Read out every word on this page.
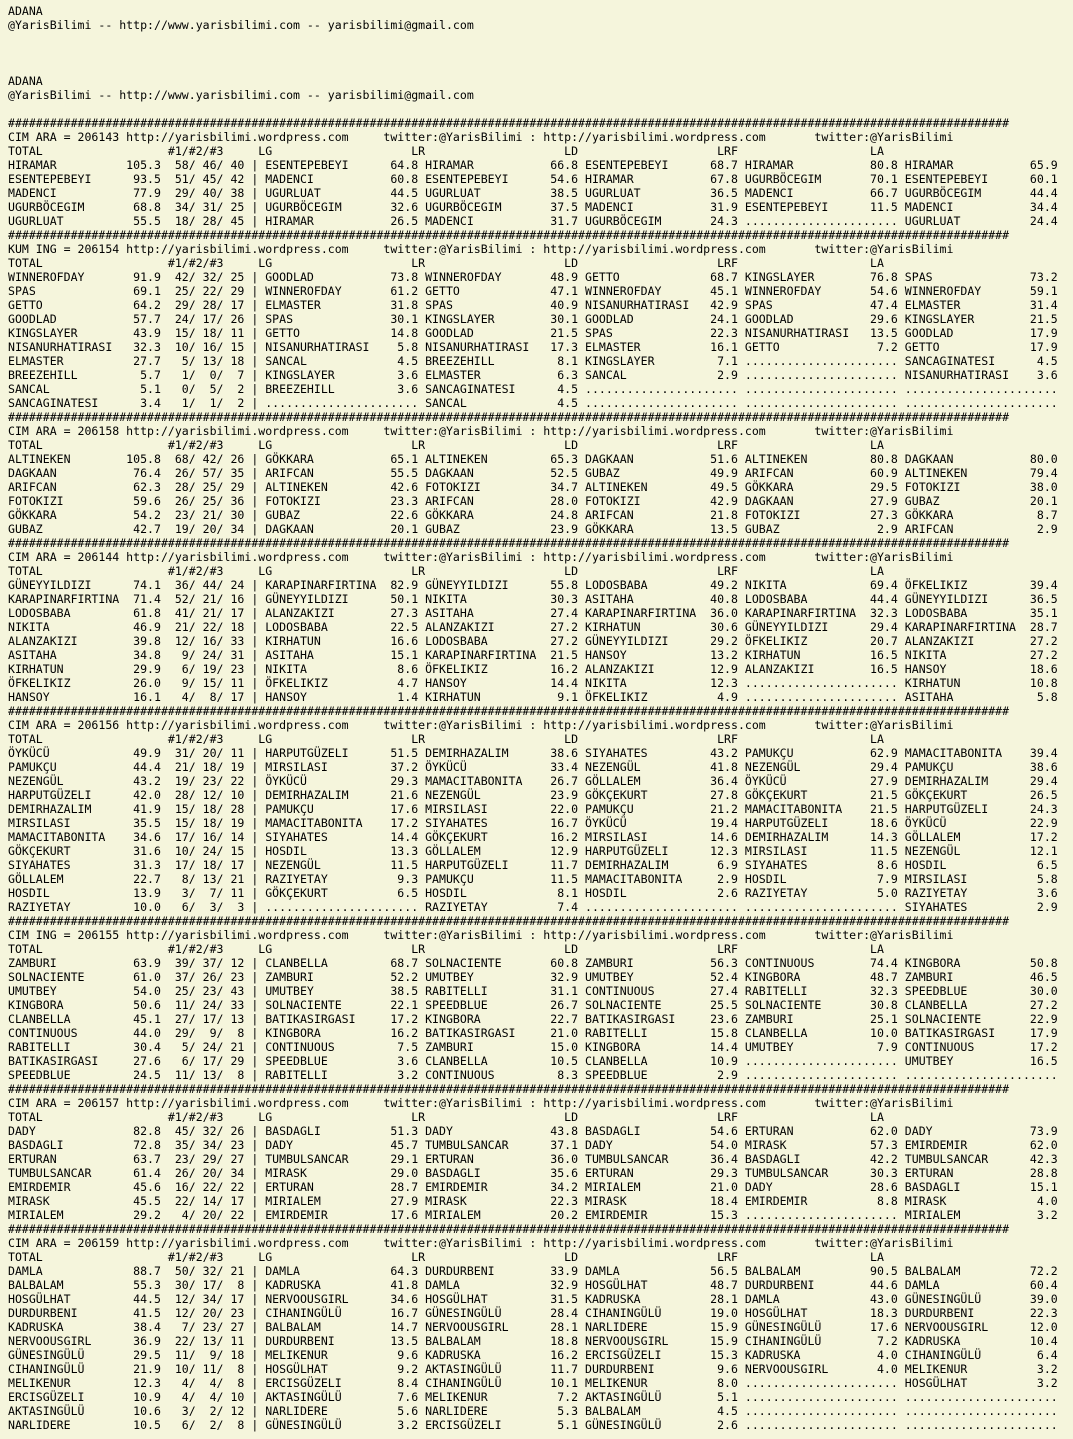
ADANA
@YarisBilimi -- http://www.yarisbilimi.com -- yarisbilimi@gmail.com
ADANA
@YarisBilimi -- http://www.yarisbilimi.com -- yarisbilimi@gmail.com
################################################################################################################################################
CIM ARA = 206143 http://yarisbilimi.wordpress.com     twitter:@YarisBilimi : http://yarisbilimi.wordpress.com       twitter:@YarisBilimi
TOTAL                  #1/#2/#3     LG                    LR                    LD                    LRF                   LA
HIRAMAR          105.3  58/ 46/ 40 | ESENTEPEBEYI      64.8 HIRAMAR           66.8 ESENTEPEBEYI      68.7 HIRAMAR           80.8 HIRAMAR           65.9
ESENTEPEBEYI      93.5  51/ 45/ 42 | MADENCI           60.8 ESENTEPEBEYI      54.6 HIRAMAR           67.8 UGURBÖCEGIM       70.1 ESENTEPEBEYI      60.1
MADENCI           77.9  29/ 40/ 38 | UGURLUAT          44.5 UGURLUAT          38.5 UGURLUAT          36.5 MADENCI           66.7 UGURBÖCEGIM       44.4
UGURBÖCEGIM       68.8  34/ 31/ 25 | UGURBÖCEGIM       32.6 UGURBÖCEGIM       37.5 MADENCI           31.9 ESENTEPEBEYI      11.5 MADENCI           34.4
UGURLUAT          55.5  18/ 28/ 45 | HIRAMAR           26.5 MADENCI           31.7 UGURBÖCEGIM       24.3 ...................... UGURLUAT          24.4
################################################################################################################################################
KUM ING = 206154 http://yarisbilimi.wordpress.com     twitter:@YarisBilimi : http://yarisbilimi.wordpress.com       twitter:@YarisBilimi
TOTAL                  #1/#2/#3     LG                    LR                    LD                    LRF                   LA
WINNEROFDAY       91.9  42/ 32/ 25 | GOODLAD           73.8 WINNEROFDAY       48.9 GETTO             68.7 KINGSLAYER        76.8 SPAS              73.2
SPAS              69.1  25/ 22/ 29 | WINNEROFDAY       61.2 GETTO             47.1 WINNEROFDAY       45.1 WINNEROFDAY       54.6 WINNEROFDAY       59.1
GETTO             64.2  29/ 28/ 17 | ELMASTER          31.8 SPAS              40.9 NISANURHATIRASI   42.9 SPAS              47.4 ELMASTER          31.4
GOODLAD           57.7  24/ 17/ 26 | SPAS              30.1 KINGSLAYER        30.1 GOODLAD           24.1 GOODLAD           29.6 KINGSLAYER        21.5
KINGSLAYER        43.9  15/ 18/ 11 | GETTO             14.8 GOODLAD           21.5 SPAS              22.3 NISANURHATIRASI   13.5 GOODLAD           17.9
NISANURHATIRASI   32.3  10/ 16/ 15 | NISANURHATIRASI    5.8 NISANURHATIRASI   17.3 ELMASTER          16.1 GETTO              7.2 GETTO             17.9
ELMASTER          27.7   5/ 13/ 18 | SANCAL             4.5 BREEZEHILL         8.1 KINGSLAYER         7.1 ...................... SANCAGINATESI      4.5
BREEZEHILL         5.7   1/  0/  7 | KINGSLAYER         3.6 ELMASTER           6.3 SANCAL             2.9 ...................... NISANURHATIRASI    3.6
SANCAL             5.1   0/  5/  2 | BREEZEHILL         3.6 SANCAGINATESI      4.5 ...................... ...................... ......................
SANCAGINATESI      3.4   1/  1/  2 | ...................... SANCAL             4.5 ...................... ...................... ......................
################################################################################################################################################
CIM ARA = 206158 http://yarisbilimi.wordpress.com     twitter:@YarisBilimi : http://yarisbilimi.wordpress.com       twitter:@YarisBilimi
TOTAL                  #1/#2/#3     LG                    LR                    LD                    LRF                   LA
ALTINEKEN        105.8  68/ 42/ 26 | GÖKKARA           65.1 ALTINEKEN         65.3 DAGKAAN           51.6 ALTINEKEN         80.8 DAGKAAN           80.0
DAGKAAN           76.4  26/ 57/ 35 | ARIFCAN           55.5 DAGKAAN           52.5 GUBAZ             49.9 ARIFCAN           60.9 ALTINEKEN         79.4
ARIFCAN           62.3  28/ 25/ 29 | ALTINEKEN         42.6 FOTOKIZI          34.7 ALTINEKEN         49.5 GÖKKARA           29.5 FOTOKIZI          38.0
FOTOKIZI          59.6  26/ 25/ 36 | FOTOKIZI          23.3 ARIFCAN           28.0 FOTOKIZI          42.9 DAGKAAN           27.9 GUBAZ             20.1
GÖKKARA           54.2  23/ 21/ 30 | GUBAZ             22.6 GÖKKARA           24.8 ARIFCAN           21.8 FOTOKIZI          27.3 GÖKKARA            8.7
GUBAZ             42.7  19/ 20/ 34 | DAGKAAN           20.1 GUBAZ             23.9 GÖKKARA           13.5 GUBAZ              2.9 ARIFCAN            2.9
################################################################################################################################################
CIM ARA = 206144 http://yarisbilimi.wordpress.com     twitter:@YarisBilimi : http://yarisbilimi.wordpress.com       twitter:@YarisBilimi
TOTAL                  #1/#2/#3     LG                    LR                    LD                    LRF                   LA
GÜNEYYILDIZI      74.1  36/ 44/ 24 | KARAPINARFIRTINA  82.9 GÜNEYYILDIZI      55.8 LODOSBABA         49.2 NIKITA            69.4 ÖFKELIKIZ         39.4
KARAPINARFIRTINA  71.4  52/ 21/ 16 | GÜNEYYILDIZI      50.1 NIKITA            30.3 ASITAHA           40.8 LODOSBABA         44.4 GÜNEYYILDIZI      36.5
LODOSBABA         61.8  41/ 21/ 17 | ALANZAKIZI        27.3 ASITAHA           27.4 KARAPINARFIRTINA  36.0 KARAPINARFIRTINA  32.3 LODOSBABA         35.1
NIKITA            46.9  21/ 22/ 18 | LODOSBABA         22.5 ALANZAKIZI        27.2 KIRHATUN          30.6 GÜNEYYILDIZI      29.4 KARAPINARFIRTINA  28.7
ALANZAKIZI        39.8  12/ 16/ 33 | KIRHATUN          16.6 LODOSBABA         27.2 GÜNEYYILDIZI      29.2 ÖFKELIKIZ         20.7 ALANZAKIZI        27.2
ASITAHA           34.8   9/ 24/ 31 | ASITAHA           15.1 KARAPINARFIRTINA  21.5 HANSOY            13.2 KIRHATUN          16.5 NIKITA            27.2
KIRHATUN          29.9   6/ 19/ 23 | NIKITA             8.6 ÖFKELIKIZ         16.2 ALANZAKIZI        12.9 ALANZAKIZI        16.5 HANSOY            18.6
ÖFKELIKIZ         26.0   9/ 15/ 11 | ÖFKELIKIZ          4.7 HANSOY            14.4 NIKITA            12.3 ...................... KIRHATUN          10.8
HANSOY            16.1   4/  8/ 17 | HANSOY             1.4 KIRHATUN           9.1 ÖFKELIKIZ          4.9 ...................... ASITAHA            5.8
################################################################################################################################################
CIM ARA = 206156 http://yarisbilimi.wordpress.com     twitter:@YarisBilimi : http://yarisbilimi.wordpress.com       twitter:@YarisBilimi
TOTAL                  #1/#2/#3     LG                    LR                    LD                    LRF                   LA
ÖYKÜCÜ            49.9  31/ 20/ 11 | HARPUTGÜZELI      51.5 DEMIRHAZALIM      38.6 SIYAHATES         43.2 PAMUKÇU           62.9 MAMACITABONITA    39.4
PAMUKÇU           44.4  21/ 18/ 19 | MIRSILASI         37.2 ÖYKÜCÜ            33.4 NEZENGÜL          41.8 NEZENGÜL          29.4 PAMUKÇU           38.6
NEZENGÜL          43.2  19/ 23/ 22 | ÖYKÜCÜ            29.3 MAMACITABONITA    26.7 GÖLLALEM          36.4 ÖYKÜCÜ            27.9 DEMIRHAZALIM      29.4
HARPUTGÜZELI      42.0  28/ 12/ 10 | DEMIRHAZALIM      21.6 NEZENGÜL          23.9 GÖKÇEKURT         27.8 GÖKÇEKURT         21.5 GÖKÇEKURT         26.5
DEMIRHAZALIM      41.9  15/ 18/ 28 | PAMUKÇU           17.6 MIRSILASI         22.0 PAMUKÇU           21.2 MAMACITABONITA    21.5 HARPUTGÜZELI      24.3
MIRSILASI         35.5  15/ 18/ 19 | MAMACITABONITA    17.2 SIYAHATES         16.7 ÖYKÜCÜ            19.4 HARPUTGÜZELI      18.6 ÖYKÜCÜ            22.9
MAMACITABONITA    34.6  17/ 16/ 14 | SIYAHATES         14.4 GÖKÇEKURT         16.2 MIRSILASI         14.6 DEMIRHAZALIM      14.3 GÖLLALEM          17.2
GÖKÇEKURT         31.6  10/ 24/ 15 | HOSDIL            13.3 GÖLLALEM          12.9 HARPUTGÜZELI      12.3 MIRSILASI         11.5 NEZENGÜL          12.1
SIYAHATES         31.3  17/ 18/ 17 | NEZENGÜL          11.5 HARPUTGÜZELI      11.7 DEMIRHAZALIM       6.9 SIYAHATES          8.6 HOSDIL             6.5
GÖLLALEM          22.7   8/ 13/ 21 | RAZIYETAY          9.3 PAMUKÇU           11.5 MAMACITABONITA     2.9 HOSDIL             7.9 MIRSILASI          5.8
HOSDIL            13.9   3/  7/ 11 | GÖKÇEKURT          6.5 HOSDIL             8.1 HOSDIL             2.6 RAZIYETAY          5.0 RAZIYETAY          3.6
RAZIYETAY         10.0   6/  3/  3 | ...................... RAZIYETAY          7.4 ...................... ...................... SIYAHATES          2.9
################################################################################################################################################
CIM ING = 206155 http://yarisbilimi.wordpress.com     twitter:@YarisBilimi : http://yarisbilimi.wordpress.com       twitter:@YarisBilimi
TOTAL                  #1/#2/#3     LG                    LR                    LD                    LRF                   LA
ZAMBURI           63.9  39/ 37/ 12 | CLANBELLA         68.7 SOLNACIENTE       60.8 ZAMBURI           56.3 CONTINUOUS        74.4 KINGBORA          50.8
SOLNACIENTE       61.0  37/ 26/ 23 | ZAMBURI           52.2 UMUTBEY           32.9 UMUTBEY           52.4 KINGBORA          48.7 ZAMBURI           46.5
UMUTBEY           54.0  25/ 23/ 43 | UMUTBEY           38.5 RABITELLI         31.1 CONTINUOUS        27.4 RABITELLI         32.3 SPEEDBLUE         30.0
KINGBORA          50.6  11/ 24/ 33 | SOLNACIENTE       22.1 SPEEDBLUE         26.7 SOLNACIENTE       25.5 SOLNACIENTE       30.8 CLANBELLA         27.2
CLANBELLA         45.1  27/ 17/ 13 | BATIKASIRGASI     17.2 KINGBORA          22.7 BATIKASIRGASI     23.6 ZAMBURI           25.1 SOLNACIENTE       22.9
CONTINUOUS        44.0  29/  9/  8 | KINGBORA          16.2 BATIKASIRGASI     21.0 RABITELLI         15.8 CLANBELLA         10.0 BATIKASIRGASI     17.9
RABITELLI         30.4   5/ 24/ 21 | CONTINUOUS         7.5 ZAMBURI           15.0 KINGBORA          14.4 UMUTBEY            7.9 CONTINUOUS        17.2
BATIKASIRGASI     27.6   6/ 17/ 29 | SPEEDBLUE          3.6 CLANBELLA         10.5 CLANBELLA         10.9 ...................... UMUTBEY           16.5
SPEEDBLUE         24.5  11/ 13/  8 | RABITELLI          3.2 CONTINUOUS         8.3 SPEEDBLUE          2.9 ...................... ......................
################################################################################################################################################
CIM ARA = 206157 http://yarisbilimi.wordpress.com     twitter:@YarisBilimi : http://yarisbilimi.wordpress.com       twitter:@YarisBilimi
TOTAL                  #1/#2/#3     LG                    LR                    LD                    LRF                   LA
DADY              82.8  45/ 32/ 26 | BASDAGLI          51.3 DADY              43.8 BASDAGLI          54.6 ERTURAN           62.0 DADY              73.9
BASDAGLI          72.8  35/ 34/ 23 | DADY              45.7 TUMBULSANCAR      37.1 DADY              54.0 MIRASK            57.3 EMIRDEMIR         62.0
ERTURAN           63.7  23/ 29/ 27 | TUMBULSANCAR      29.1 ERTURAN           36.0 TUMBULSANCAR      36.4 BASDAGLI          42.2 TUMBULSANCAR      42.3
TUMBULSANCAR      61.4  26/ 20/ 34 | MIRASK            29.0 BASDAGLI          35.6 ERTURAN           29.3 TUMBULSANCAR      30.3 ERTURAN           28.8
EMIRDEMIR         45.6  16/ 22/ 22 | ERTURAN           28.7 EMIRDEMIR         34.2 MIRIALEM          21.0 DADY              28.6 BASDAGLI          15.1
MIRASK            45.5  22/ 14/ 17 | MIRIALEM          27.9 MIRASK            22.3 MIRASK            18.4 EMIRDEMIR          8.8 MIRASK             4.0
MIRIALEM          29.2   4/ 20/ 22 | EMIRDEMIR         17.6 MIRIALEM          20.2 EMIRDEMIR         15.3 ...................... MIRIALEM           3.2
################################################################################################################################################
CIM ARA = 206159 http://yarisbilimi.wordpress.com     twitter:@YarisBilimi : http://yarisbilimi.wordpress.com       twitter:@YarisBilimi
TOTAL                  #1/#2/#3     LG                    LR                    LD                    LRF                   LA
DAMLA             88.7  50/ 32/ 21 | DAMLA             64.3 DURDURBENI        33.9 DAMLA             56.5 BALBALAM          90.5 BALBALAM          72.2
BALBALAM          55.3  30/ 17/  8 | KADRUSKA          41.8 DAMLA             32.9 HOSGÜLHAT         48.7 DURDURBENI        44.6 DAMLA             60.4
HOSGÜLHAT         44.5  12/ 34/ 17 | NERVOOUSGIRL      34.6 HOSGÜLHAT         31.5 KADRUSKA          28.1 DAMLA             43.0 GÜNESINGÜLÜ       39.0
DURDURBENI        41.5  12/ 20/ 23 | CIHANINGÜLÜ       16.7 GÜNESINGÜLÜ       28.4 CIHANINGÜLÜ       19.0 HOSGÜLHAT         18.3 DURDURBENI        22.3
KADRUSKA          38.4   7/ 23/ 27 | BALBALAM          14.7 NERVOOUSGIRL      28.1 NARLIDERE         15.9 GÜNESINGÜLÜ       17.6 NERVOOUSGIRL      12.0
NERVOOUSGIRL      36.9  22/ 13/ 11 | DURDURBENI        13.5 BALBALAM          18.8 NERVOOUSGIRL      15.9 CIHANINGÜLÜ        7.2 KADRUSKA          10.4
GÜNESINGÜLÜ       29.5  11/  9/ 18 | MELIKENUR          9.6 KADRUSKA          16.2 ERCISGÜZELI       15.3 KADRUSKA           4.0 CIHANINGÜLÜ        6.4
CIHANINGÜLÜ       21.9  10/ 11/  8 | HOSGÜLHAT          9.2 AKTASINGÜLÜ       11.7 DURDURBENI         9.6 NERVOOUSGIRL       4.0 MELIKENUR          3.2
MELIKENUR         12.3   4/  4/  8 | ERCISGÜZELI        8.4 CIHANINGÜLÜ       10.1 MELIKENUR          8.0 ...................... HOSGÜLHAT          3.2
ERCISGÜZELI       10.9   4/  4/ 10 | AKTASINGÜLÜ        7.6 MELIKENUR          7.2 AKTASINGÜLÜ        5.1 ...................... ......................
AKTASINGÜLÜ       10.6   3/  2/ 12 | NARLIDERE          5.6 NARLIDERE          5.3 BALBALAM           4.5 ...................... ......................
NARLIDERE         10.5   6/  2/  8 | GÜNESINGÜLÜ        3.2 ERCISGÜZELI        5.1 GÜNESINGÜLÜ        2.6 ...................... ......................
